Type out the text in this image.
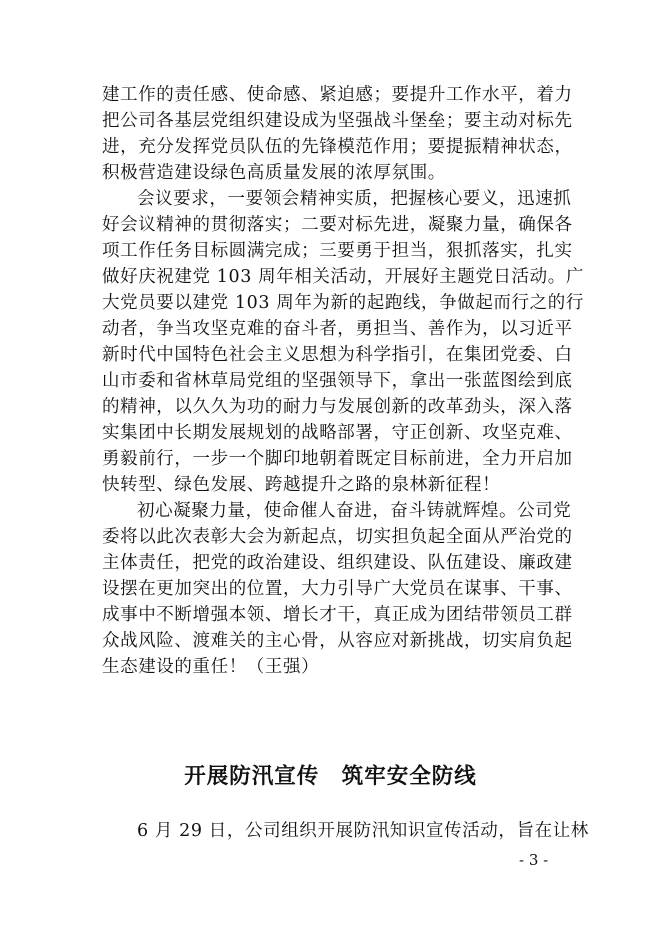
建工作的责任感、使命感、紧迫感；要提升工作水平，着力
把公司各基层党组织建设成为坚强战斗堡垒；要主动对标先
进，充分发挥党员队伍的先锋模范作用；要提振精神状态，
积极营造建设绿色高质量发展的浓厚氛围。
会议要求，一要领会精神实质，把握核心要义，迅速抓
好会议精神的贯彻落实；二要对标先进，凝聚力量，确保各
项工作任务目标圆满完成；三要勇于担当，狠抓落实，扎实
做好庆祝建党 103 周年相关活动，开展好主题党日活动。广
大党员要以建党 103 周年为新的起跑线，争做起而行之的行
动者，争当攻坚克难的奋斗者，勇担当、善作为，以习近平
新时代中国特色社会主义思想为科学指引，在集团党委、白
山市委和省林草局党组的坚强领导下，拿出一张蓝图绘到底
的精神，以久久为功的耐力与发展创新的改革劲头，深入落
实集团中长期发展规划的战略部署，守正创新、攻坚克难、
勇毅前行，一步一个脚印地朝着既定目标前进，全力开启加
快转型、绿色发展、跨越提升之路的泉林新征程！
初心凝聚力量，使命催人奋进，奋斗铸就辉煌。公司党
委将以此次表彰大会为新起点，切实担负起全面从严治党的
主体责任，把党的政治建设、组织建设、队伍建设、廉政建
设摆在更加突出的位置，大力引导广大党员在谋事、干事、
成事中不断增强本领、增长才干，真正成为团结带领员工群
众战风险、渡难关的主心骨，从容应对新挑战，切实肩负起
生态建设的重任！（王强）
开展防汛宣传　筑牢安全防线
6 月 29 日，公司组织开展防汛知识宣传活动，旨在让林
- 3 -
